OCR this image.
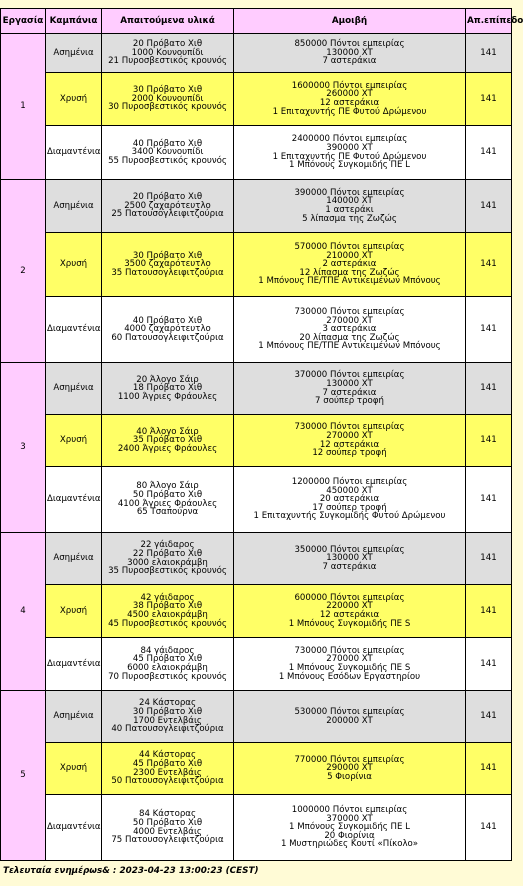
Εργασία	Καμπάνια	Απαιτούμενα υλικά	Αμοιβή	Απ.επίπεδο
1	Ασημένια	20 Πρόβατο Χιθ
1000 Κουνουπίδι
21 Πυροσβεστικός κρουνός	850000 Πόντοι εμπειρίας
130000 XT
7 αστεράκια	141
	Χρυσή	30 Πρόβατο Χιθ
2000 Κουνουπίδι
30 Πυροσβεστικός κρουνός	1600000 Πόντοι εμπειρίας
260000 XT
12 αστεράκια
1 Επιταχυντής ΠΕ Φυτού Δρώμενου	141
	Διαμαντένια	40 Πρόβατο Χιθ
3400 Κουνουπίδι
55 Πυροσβεστικός κρουνός	2400000 Πόντοι εμπειρίας
390000 XT
1 Επιταχυντής ΠΕ Φυτού Δρώμενου
1 Μπόνους Συγκομιδής ΠΕ L	141
2	Ασημένια	20 Πρόβατο Χιθ
2500 ζαχαρότευτλο
25 Πατουσογλειφιτζούρια	390000 Πόντοι εμπειρίας
140000 XT
1 αστεράκι
5 λίπασμα της Ζωζώς	141
	Χρυσή	30 Πρόβατο Χιθ
3500 ζαχαρότευτλο
35 Πατουσογλειφιτζούρια	570000 Πόντοι εμπειρίας
210000 XT
2 αστεράκια
12 λίπασμα της Ζωζώς
1 Μπόνους ΠΕ/ΤΠΕ Αντικειμένων Μπόνους	141
	Διαμαντένια	40 Πρόβατο Χιθ
4000 ζαχαρότευτλο
60 Πατουσογλειφιτζούρια	730000 Πόντοι εμπειρίας
270000 XT
3 αστεράκια
20 λίπασμα της Ζωζώς
1 Μπόνους ΠΕ/ΤΠΕ Αντικειμένων Μπόνους	141
3	Ασημένια	20 Άλογο Σάιρ
18 Πρόβατο Χιθ
1100 Άγριες Φράουλες	370000 Πόντοι εμπειρίας
130000 XT
7 αστεράκια
7 σούπερ τροφή	141
	Χρυσή	40 Άλογο Σάιρ
35 Πρόβατο Χιθ
2400 Άγριες Φράουλες	730000 Πόντοι εμπειρίας
270000 XT
12 αστεράκια
12 σούπερ τροφή	141
	Διαμαντένια	80 Άλογο Σάιρ
50 Πρόβατο Χιθ
4100 Άγριες Φράουλες
65 Τσαπούρνα	1200000 Πόντοι εμπειρίας
450000 XT
20 αστεράκια
17 σούπερ τροφή
1 Επιταχυντής Συγκομιδής Φυτού Δρώμενου	141
4	Ασημένια	22 γάιδαρος
22 Πρόβατο Χιθ
3000 ελαιοκράμβη
35 Πυροσβεστικός κρουνός	350000 Πόντοι εμπειρίας
130000 XT
7 αστεράκια	141
	Χρυσή	42 γάιδαρος
38 Πρόβατο Χιθ
4500 ελαιοκράμβη
45 Πυροσβεστικός κρουνός	600000 Πόντοι εμπειρίας
220000 XT
12 αστεράκια
1 Μπόνους Συγκομιδής ΠΕ S	141
	Διαμαντένια	84 γάιδαρος
45 Πρόβατο Χιθ
6000 ελαιοκράμβη
70 Πυροσβεστικός κρουνός	730000 Πόντοι εμπειρίας
270000 XT
1 Μπόνους Συγκομιδής ΠΕ S
1 Μπόνους Εσόδων Εργαστηρίου	141
5	Ασημένια	24 Κάστορας
30 Πρόβατο Χιθ
1700 Εντελβάις
40 Πατουσογλειφιτζούρια	530000 Πόντοι εμπειρίας
200000 XT	141
	Χρυσή	44 Κάστορας
45 Πρόβατο Χιθ
2300 Εντελβάις
50 Πατουσογλειφιτζούρια	770000 Πόντοι εμπειρίας
290000 XT
5 Φιορίνια	141
	Διαμαντένια	84 Κάστορας
50 Πρόβατο Χιθ
4000 Εντελβάις
75 Πατουσογλειφιτζούρια	1000000 Πόντοι εμπειρίας
370000 XT
1 Μπόνους Συγκομιδής ΠΕ L
20 Φιορίνια
1 Μυστηριώδες Κουτί «Πίκολο»	141
Τελευταία ενημέρωs& : 2023-04-23 13:00:23 (CEST)
